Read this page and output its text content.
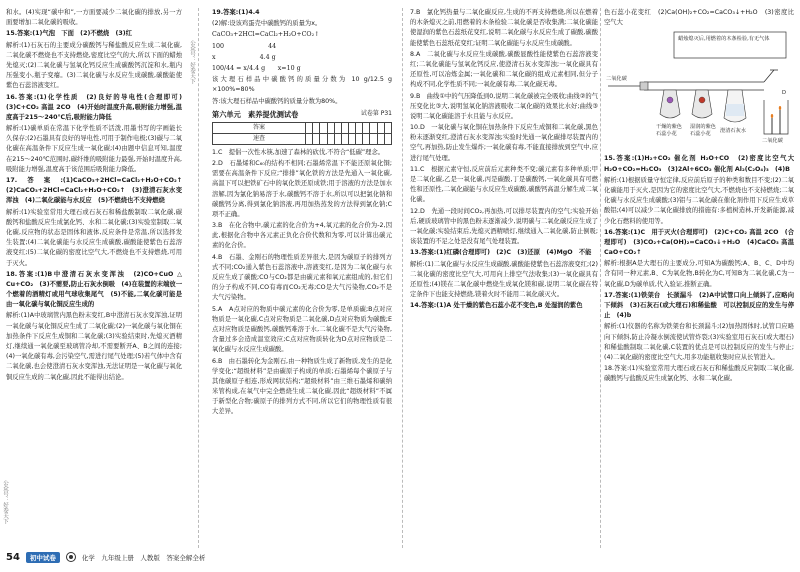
公众号：好卷天下
公众号：好卷天下

和水。(4)实现“碳中和”,一方面要减少二氧化碳的排放,另一方面要增加二氧化碳的吸收。

15.答案:(1)气泡　下面　(2)不燃烧　(3)红

解析:(1)石灰石的主要成分碳酸钙与稀盐酸反应生成二氧化碳,二氧化碳不燃烧也不支持燃烧,密度比空气的大,所以下面的蜡烛先熄灭;(2)二氧化碳与氢氧化钙反应生成碳酸钙沉淀和水,瓶内压强变小,瓶子变瘪。(3)二氧化碳与水反应生成碳酸,碳酸能使紫色石蕊溶液变红。

16.答案:(1)化学性质　(2)良好的导电性(合理即可)　(3)C+CO₂ 高温 2CO　(4)开始时温度升高,吸附能力增强,温度高于215～240℃后,吸附能力降低

解析:(1)碳单质在常温下化学性质不活泼,用墨书写的字画能长久保存;(2)石墨具有良好的导电性,可用于制作电极;(3)碳与二氧化碳在高温条件下反应生成一氧化碳;(4)由题中信息可知,温度在215～240℃范围时,碳纤维的吸附能力最强,开始时温度升高,吸附能力增强,温度高于该范围后吸附能力降低。

17.答案:(1)CaCO₃+2HCl=CaCl₂+H₂O+CO₂↑　(2)CaCO₃+2HCl=CaCl₂+H₂O+CO₂↑　(3)澄清石灰水变浑浊　(4)二氧化碳能与水反应　(5)不燃烧也不支持燃烧

解析:(1)实验室常用大理石或石灰石和稀盐酸制取二氧化碳,碳酸钙和盐酸反应生成氯化钙、水和二氧化碳;(3)实验室制取二氧化碳,反应物的状态是固体和液体,反应条件是常温,所以选择发生装置;(4)二氧化碳能与水反应生成碳酸,碳酸能使紫色石蕊溶液变红;(5)二氧化碳的密度比空气大,不燃烧也不支持燃烧,可用于灭火。

18.答案:(1)B中澄清石灰水变浑浊　(2)CO+CuO △ Cu+CO₂　(3)不需要,防止石灰水倒吸　(4)在装置的末端放一个燃着的酒精灯或用气球收集尾气　(5)不能,二氧化碳可能是由一氧化碳与氧化铜反应生成的

解析:(1)A中玻璃管内黑色粉末变红,B中澄清石灰水变浑浊,证明一氧化碳与氧化铜反应生成了二氧化碳;(2)一氧化碳与氧化铜在加热条件下反应生成铜和二氧化碳;(3)实验结束时,先熄灭酒精灯,继续通一氧化碳至玻璃管冷却,不需要断开A、B之间的连接;(4)一氧化碳有毒,会污染空气,需进行尾气处理;(5)若气体中含有二氧化碳,也会使澄清石灰水变浑浊,无法证明是一氧化碳与氧化铜反应生成的二氧化碳,因此不能得出结论。

19.答案:(1)4.4

(2)解:设该鸡蛋壳中碳酸钙的质量为x。

CaCO₃+2HCl=CaCl₂+H₂O+CO₂↑

100　　　　　　　44

x　　　　　　　4.4 g

100/44 = x/4.4 g　　x=10 g

该大理石样品中碳酸钙的质量分数为 10 g/12.5 g ×100%=80%

答:该大理石样品中碳酸钙的质量分数为80%。

第六单元　素养提优测试卷	试卷第 P31
答案												
速查												

1.C　提倡一次性木筷,加速了森林的砍伐,不符合“低碳”理念。

2.D　石墨烯和C₆₀的结构不相同;石墨烯常温下不能还原氧化铜;需要在高温条件下反应;“排排”氧化铁的方法是先通入一氧化碳,高温下可以把铁矿石中的氧化铁还原成铁;用于溶液的方法是加水溶解,因为氯化钠易溶于水,碳酸钙不溶于水,所以可以把氯化钠和碳酸钙分离,得到氯化钠溶液,再用加热蒸发的方法得到氯化钠;C项不正确。

3.B　在化合物中,碳元素的化合价为+4,氧元素的化合价为-2,因此,根据化合物中各元素正负化合价代数和为零,可以计算出碳元素的化合价。

4.B　石墨、金刚石的物理性质差异很大,是因为碳原子的排列方式不同;CO₂通入紫色石蕊溶液中,溶液变红,是因为二氧化碳与水反应生成了碳酸;CO与CO₂都是由碳元素和氧元素组成的,但它们的分子构成不同,CO有毒而CO₂无毒;CO是大气污染物,CO₂不是大气污染物。

5.A　A点对应的物质中碳元素的化合价为零,是单质碳;B点对应物质是一氧化碳,C点对应物质是二氧化碳,D点对应物质为碳酸;E点对应物质是碳酸钙,碳酸钙难溶于水,二氧化碳不是大气污染物,含量过多会造成温室效应;C点对应物质转化为D点对应物质是二氧化碳与水反应生成碳酸。

6.B　由石墨转化为金刚石,由一种物质生成了新物质,发生的是化学变化;“超级材料”是由碳原子构成的单质;石墨烯每个碳原子与其他碳原子相连,形成网状结构;“超级材料”由三维石墨烯和碳纳米管构成,在氧气中完全燃烧生成二氧化碳,因此“超级材料”不属于新型化合物;碳原子的排列方式不同,所以它们的物理性质有很大差异。

7.B　氯化钙热量与二氧化碳反应,生成的不再支持燃烧,所以在燃着的木条熄灭之前,用燃着的木条检验二氧化碳是否收集满;二氧化碳能使湿润的紫色石蕊纸花变红,说明二氧化碳与水反应生成了碳酸,碳酸能使紫色石蕊纸花变红;证明二氧化碳能与水反应生成碳酸。

8.A　二氧化碳与水反应生成碳酸,碳酸显酸性能使紫色石蕊溶液变红;二氧化碳能与氢氧化钙反应,使澄清石灰水变浑浊;一氧化碳具有还原性,可以冶炼金属;一氧化碳和二氧化碳的组成元素相同,但分子构成不同,化学性质不同;一氧化碳有毒,二氧化碳无毒。

9.B　曲线①中的气压降低到0,说明二氧化碳被完全吸收;曲线②的气压变化比③大,说明氢氧化钠溶液吸收二氧化碳的效果比水好;曲线③说明二氧化碳能溶于水且能与水反应。

10.D　一氧化碳与氧化铜在加热条件下反应生成铜和二氧化碳,黑色粉末逐渐变红,澄清石灰水变浑浊;实验时先通一氧化碳排尽装置内的空气,再加热,防止发生爆炸;一氧化碳有毒,不能直接排放到空气中,应进行尾气处理。

11.C　根据元素守恒,反应前后元素种类不变;碳元素有多种单质;甲是二氧化碳,乙是一氧化碳,丙是碳酸,丁是碳酸钙,一氧化碳具有可燃性和还原性,二氧化碳能与水反应生成碳酸,碳酸钙高温分解生成二氧化碳。

12.D　先通一段时间CO₂,再加热,可以排尽装置内的空气;实验开始后,硬质玻璃管中的黑色粉末逐渐减少,说明碳与二氧化碳反应生成了一氧化碳;实验结束后,先熄灭酒精喷灯,继续通入二氧化碳,防止倒吸;该装置的不足之处是没有尾气处理装置。

13.答案:(1)红磷(合理即可)　(2)C　(3)还原　(4)MgO　不能

解析:(1)二氧化碳与水反应生成碳酸,碳酸能使紫色石蕊溶液变红;(2)二氧化碳的密度比空气大,可用向上排空气法收集;(3)一氧化碳具有还原性;(4)镁在二氧化碳中燃烧生成氧化镁和碳,说明二氧化碳在特定条件下也能支持燃烧,镁着火时不能用二氧化碳灭火。

14.答案:(1)A 处干燥的紫色石蕊小花不变色,B 处湿润的紫色

色石蕊小花变红　(2)Ca(OH)₂+CO₂=CaCO₃↓+H₂O　(3)密度比空气大

蜡烛熄灭后,用燃着的木条检验,有无气体
二氧化碳
二氧化碳
干燥的紫色
石蕊小花
湿润的紫色
石蕊小花 澄清石灰水
D

15.答案:(1)H₂+CO₂ 催化剂 H₂O+CO　(2)密度比空气大　H₂O+CO₂=H₂CO₃　(3)2Al+6CO₂ 催化剂 Al₂(C₂O₄)₃　(4)B

解析:(1)根据质量守恒定律,反应前后原子的种类和数目不变;(2)二氧化碳能用于灭火,是因为它的密度比空气大,不燃烧也不支持燃烧;二氧化碳与水反应生成碳酸;(3)铝与二氧化碳在催化剂作用下反应生成草酸铝;(4)可以减少二氧化碳排放的措施有:多植树造林,开发新能源,减少化石燃料的使用等。

16.答案:(1)C　用于灭火(合理即可)　(2)C+CO₂ 高温 2CO　(合理即可)　(3)CO₂+Ca(OH)₂=CaCO₃↓+H₂O　(4)CaCO₃ 高温 CaO+CO₂↑

解析:根据A是大理石的主要成分,可知A为碳酸钙;A、B、C、D中均含有同一种元素,B、C为氧化物,B转化为C,可知B为二氧化碳,C为一氧化碳,D为碳单质,代入验证,推断正确。

17.答案:(1)铁架台　长颈漏斗　(2)A中试管口向上倾斜了,应略向下倾斜　(3)石灰石(或大理石)和稀盐酸　可以控制反应的发生与停止　(4)b

解析:(1)仪器的名称为铁架台和长颈漏斗;(2)加热固体时,试管口应略向下倾斜,防止冷凝水倒流使试管炸裂;(3)实验室用石灰石(或大理石)和稀盐酸制取二氧化碳,C装置的优点是可以控制反应的发生与停止;(4)二氧化碳的密度比空气大,用多功能瓶收集时应从长管进入。

18.答案:(1)实验室常用大理石或石灰石和稀盐酸反应制取二氧化碳,碳酸钙与盐酸反应生成氯化钙、水和二氧化碳。

54	初中试卷	化学　九年级上册　人教版　答案全解全析
